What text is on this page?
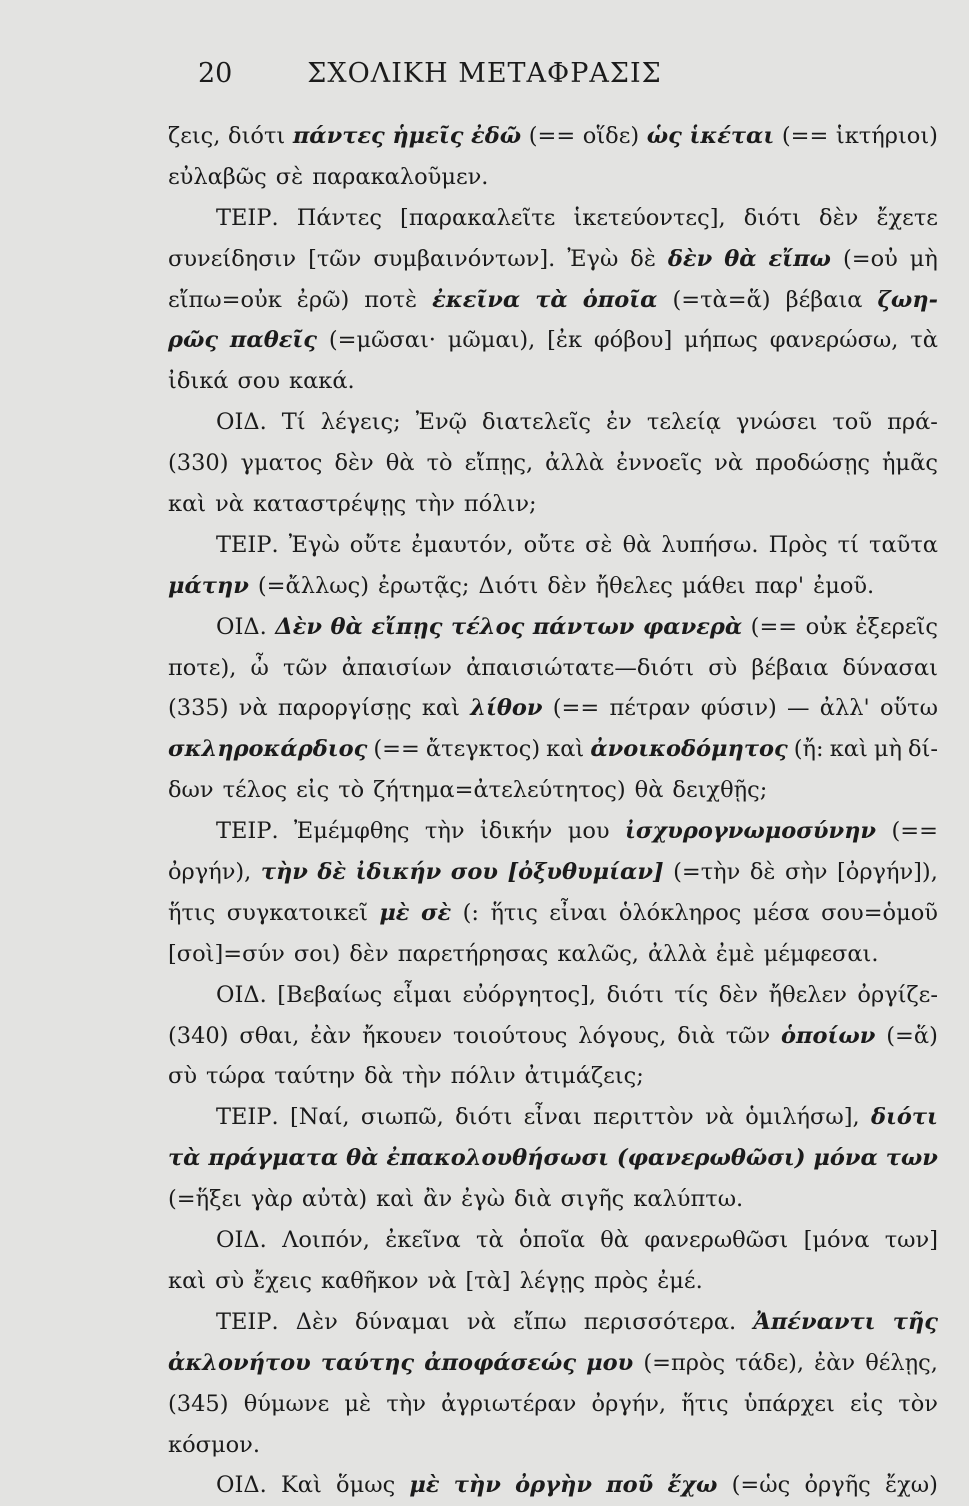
20	ΣΧΟΛΙΚΗ ΜΕΤΑΦΡΑΣΙΣ
ζεις, διότι πάντες ἡμεῖς ἐδῶ (== οἵδε) ὡς ἱκέται (== ἱκτήριοι)
εὐλαβῶς σὲ παρακαλοῦμεν.
ΤΕΙΡ. Πάντες [παρακαλεῖτε ἱκετεύοντες], διότι δὲν ἔχετε
συνείδησιν [τῶν συμβαινόντων]. Ἐγὼ δὲ δὲν θὰ εἴπω (=οὐ μὴ
εἴπω=οὐκ ἐρῶ) ποτὲ ἐκεῖνα τὰ ὁποῖα (=τὰ=ἅ) βέβαια ζωη-
ρῶς παθεῖς (=μῶσαι· μῶμαι), [ἐκ φόβου] μήπως φανερώσω, τὰ
ἰδικά σου κακά.
ΟΙΔ. Τί λέγεις; Ἐνῷ διατελεῖς ἐν τελείᾳ γνώσει τοῦ πρά-
(330) γματος δὲν θὰ τὸ εἴπῃς, ἀλλὰ ἐννοεῖς νὰ προδώσῃς ἡμᾶς
καὶ νὰ καταστρέψῃς τὴν πόλιν;
ΤΕΙΡ. Ἐγὼ οὔτε ἐμαυτόν, οὔτε σὲ θὰ λυπήσω. Πρὸς τί ταῦτα
μάτην (=ἄλλως) ἐρωτᾷς; Διότι δὲν ἤθελες μάθει παρ' ἐμοῦ.
ΟΙΔ. Δὲν θὰ εἴπῃς τέλος πάντων φανερὰ (== οὐκ ἐξερεῖς
ποτε), ὦ τῶν ἀπαισίων ἀπαισιώτατε—διότι σὺ βέβαια δύνασαι
(335) νὰ παροργίσῃς καὶ λίθον (== πέτραν φύσιν) — ἀλλ' οὕτω
σκληροκάρδιος (== ἄτεγκτος) καὶ ἀνοικοδόμητος (ἤ: καὶ μὴ δί-
δων τέλος εἰς τὸ ζήτημα=ἀτελεύτητος) θὰ δειχθῇς;
ΤΕΙΡ. Ἐμέμφθης τὴν ἰδικήν μου ἰσχυρογνωμοσύνην (==
ὀργήν), τὴν δὲ ἰδικήν σου [ὀξυθυμίαν] (=τὴν δὲ σὴν [ὀργήν]),
ἥτις συγκατοικεῖ μὲ σὲ (: ἥτις εἶναι ὁλόκληρος μέσα σου=ὁμοῦ
[σοὶ]=σύν σοι) δὲν παρετήρησας καλῶς, ἀλλὰ ἐμὲ μέμφεσαι.
ΟΙΔ. [Βεβαίως εἶμαι εὐόργητος], διότι τίς δὲν ἤθελεν ὀργίζε-
(340) σθαι, ἐὰν ἤκουεν τοιούτους λόγους, διὰ τῶν ὁποίων (=ἅ)
σὺ τώρα ταύτην δὰ τὴν πόλιν ἀτιμάζεις;
ΤΕΙΡ. [Ναί, σιωπῶ, διότι εἶναι περιττὸν νὰ ὁμιλήσω], διότι
τὰ πράγματα θὰ ἐπακολουθήσωσι (φανερωθῶσι) μόνα των
(=ἥξει γὰρ αὐτὰ) καὶ ἂν ἐγὼ διὰ σιγῆς καλύπτω.
ΟΙΔ. Λοιπόν, ἐκεῖνα τὰ ὁποῖα θὰ φανερωθῶσι [μόνα των]
καὶ σὺ ἔχεις καθῆκον νὰ [τὰ] λέγῃς πρὸς ἐμέ.
ΤΕΙΡ. Δὲν δύναμαι νὰ εἴπω περισσότερα. Ἀπέναντι τῆς
ἀκλονήτου ταύτης ἀποφάσεώς μου (=πρὸς τάδε), ἐὰν θέλῃς,
(345) θύμωνε μὲ τὴν ἀγριωτέραν ὀργήν, ἥτις ὑπάρχει εἰς τὸν
κόσμον.
ΟΙΔ. Καὶ ὅμως μὲ τὴν ὀργὴν ποῦ ἔχω (=ὡς ὀργῆς ἔχω)
